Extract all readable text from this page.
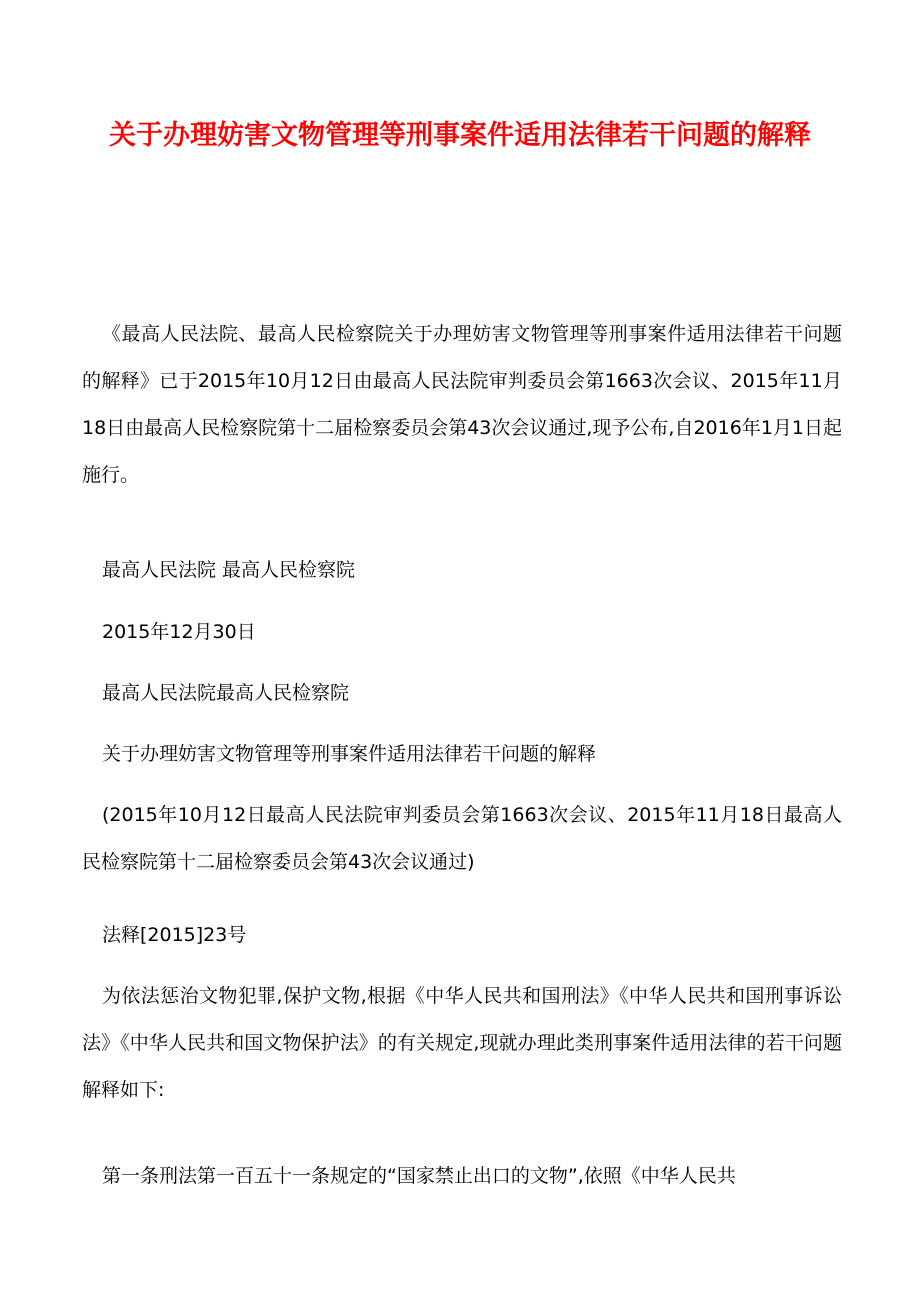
关于办理妨害文物管理等刑事案件适用法律若干问题的解释
《最高人民法院、最高人民检察院关于办理妨害文物管理等刑事案件适用法律若干问题的解释》已于2015年10月12日由最高人民法院审判委员会第1663次会议、2015年11月18日由最高人民检察院第十二届检察委员会第43次会议通过,现予公布,自2016年1月1日起施行。

最高人民法院 最高人民检察院

2015年12月30日

最高人民法院最高人民检察院

关于办理妨害文物管理等刑事案件适用法律若干问题的解释

(2015年10月12日最高人民法院审判委员会第1663次会议、2015年11月18日最高人民检察院第十二届检察委员会第43次会议通过)

法释[2015]23号

为依法惩治文物犯罪,保护文物,根据《中华人民共和国刑法》《中华人民共和国刑事诉讼法》《中华人民共和国文物保护法》的有关规定,现就办理此类刑事案件适用法律的若干问题解释如下:

第一条刑法第一百五十一条规定的“国家禁止出口的文物”,依照《中华人民共
